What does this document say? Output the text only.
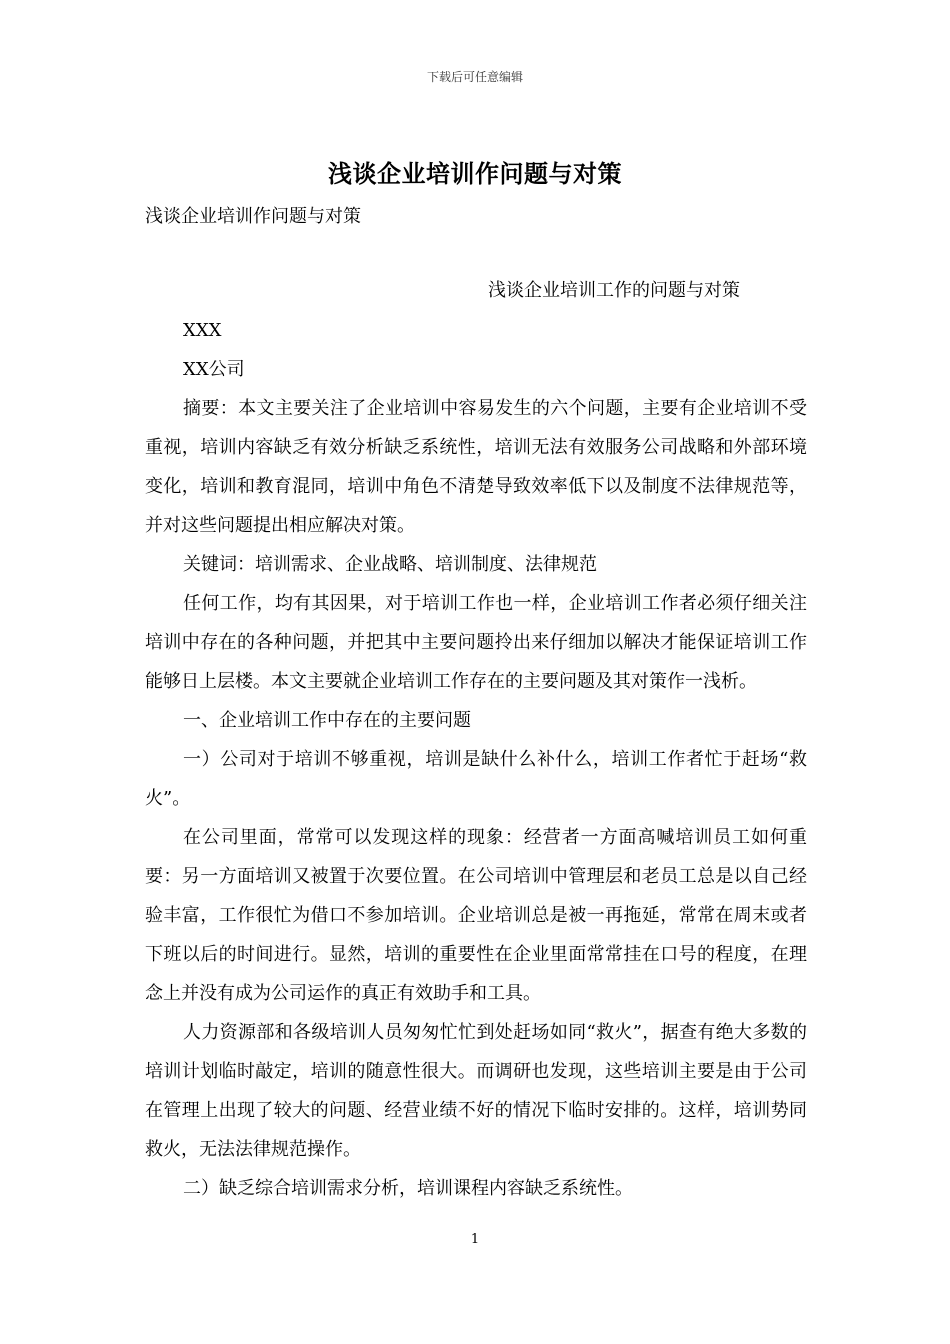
下载后可任意编辑
浅谈企业培训作问题与对策
浅谈企业培训作问题与对策
浅谈企业培训工作的问题与对策

XXX

XX公司

摘要：本文主要关注了企业培训中容易发生的六个问题，主要有企业培训不受重视，培训内容缺乏有效分析缺乏系统性，培训无法有效服务公司战略和外部环境变化，培训和教育混同，培训中角色不清楚导致效率低下以及制度不法律规范等，并对这些问题提出相应解决对策。

关键词：培训需求、企业战略、培训制度、法律规范

任何工作，均有其因果，对于培训工作也一样，企业培训工作者必须仔细关注培训中存在的各种问题，并把其中主要问题拎出来仔细加以解决才能保证培训工作能够日上层楼。本文主要就企业培训工作存在的主要问题及其对策作一浅析。

一、企业培训工作中存在的主要问题

一）公司对于培训不够重视，培训是缺什么补什么，培训工作者忙于赶场“救火”。

在公司里面，常常可以发现这样的现象：经营者一方面高喊培训员工如何重要：另一方面培训又被置于次要位置。在公司培训中管理层和老员工总是以自己经验丰富，工作很忙为借口不参加培训。企业培训总是被一再拖延，常常在周末或者下班以后的时间进行。显然，培训的重要性在企业里面常常挂在口号的程度，在理念上并没有成为公司运作的真正有效助手和工具。

人力资源部和各级培训人员匆匆忙忙到处赶场如同“救火”，据查有绝大多数的培训计划临时敲定，培训的随意性很大。而调研也发现，这些培训主要是由于公司在管理上出现了较大的问题、经营业绩不好的情况下临时安排的。这样，培训势同救火，无法法律规范操作。

二）缺乏综合培训需求分析，培训课程内容缺乏系统性。

1
